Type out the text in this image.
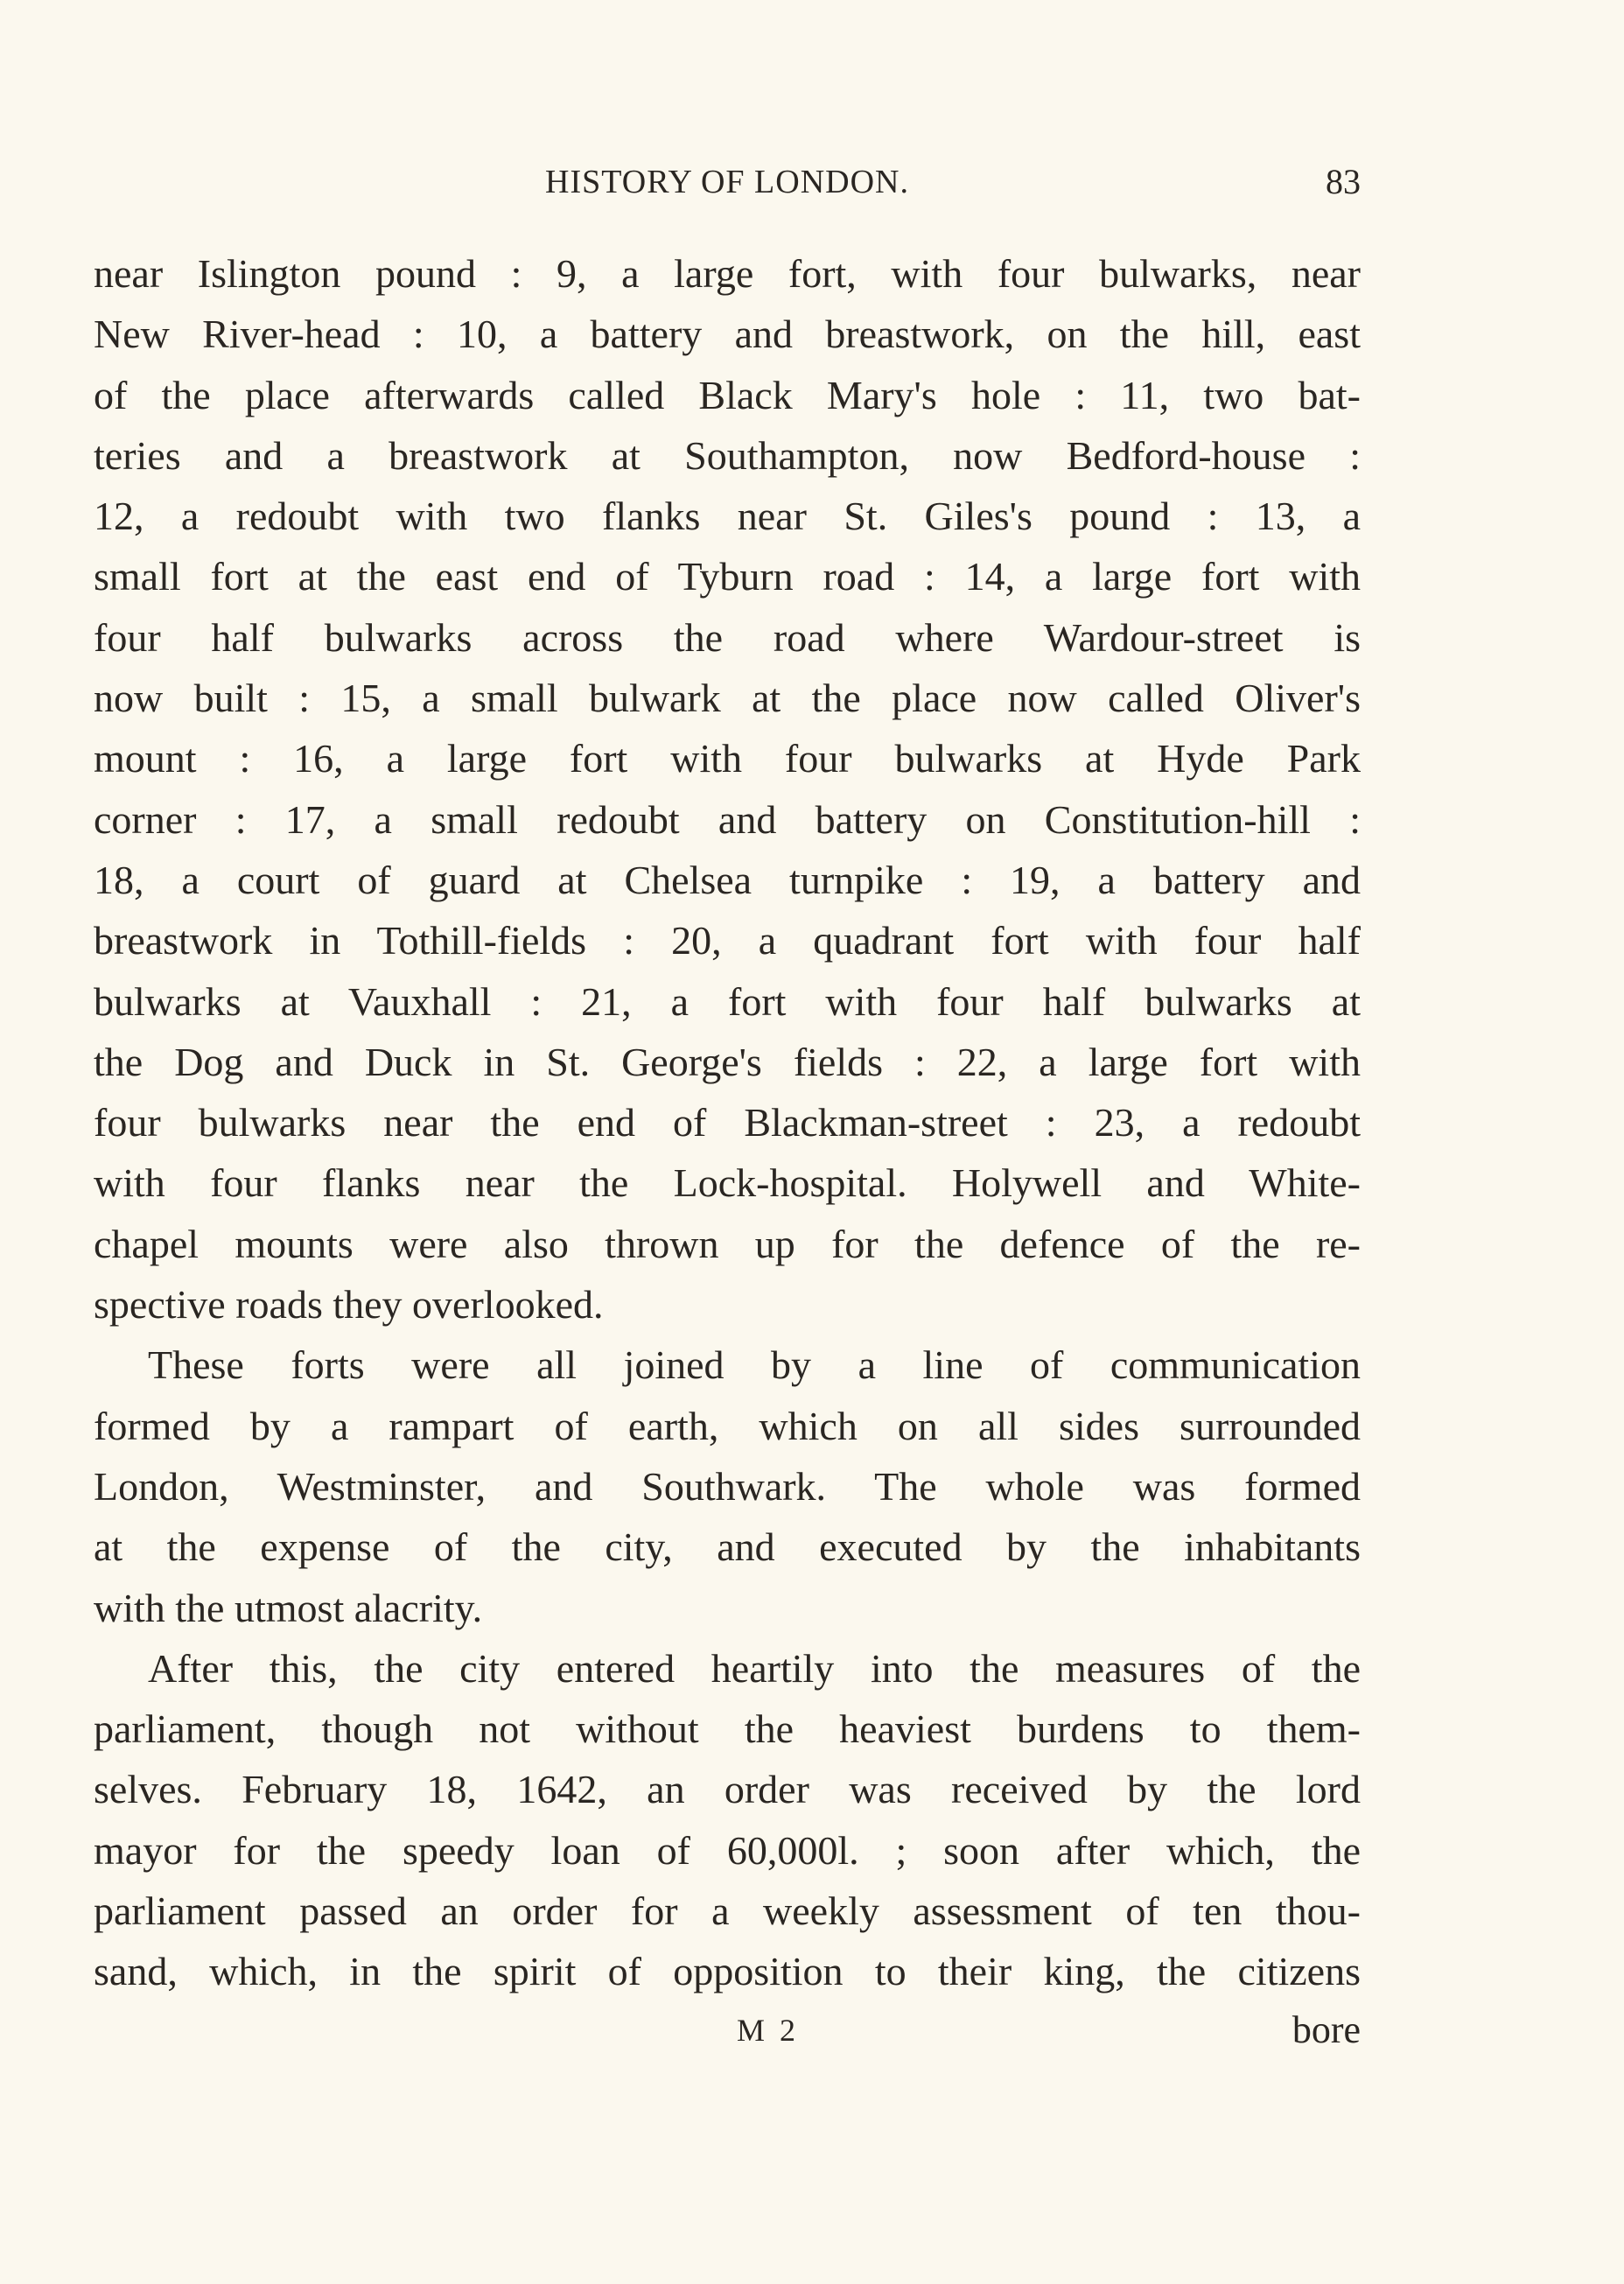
HISTORY OF LONDON.	83
near Islington pound : 9, a large fort, with four bulwarks, near
New River-head : 10, a battery and breastwork, on the hill, east
of the place afterwards called Black Mary's hole : 11, two bat-
teries and a breastwork at Southampton, now Bedford-house :
12, a redoubt with two flanks near St. Giles's pound : 13, a
small fort at the east end of Tyburn road : 14, a large fort with
four half bulwarks across the road where Wardour-street is
now built : 15, a small bulwark at the place now called Oliver's
mount : 16, a large fort with four bulwarks at Hyde Park
corner : 17, a small redoubt and battery on Constitution-hill :
18, a court of guard at Chelsea turnpike : 19, a battery and
breastwork in Tothill-fields : 20, a quadrant fort with four half
bulwarks at Vauxhall : 21, a fort with four half bulwarks at
the Dog and Duck in St. George's fields : 22, a large fort with
four bulwarks near the end of Blackman-street : 23, a redoubt
with four flanks near the Lock-hospital. Holywell and White-
chapel mounts were also thrown up for the defence of the re-
spective roads they overlooked.
These forts were all joined by a line of communication
formed by a rampart of earth, which on all sides surrounded
London, Westminster, and Southwark. The whole was formed
at the expense of the city, and executed by the inhabitants
with the utmost alacrity.
After this, the city entered heartily into the measures of the
parliament, though not without the heaviest burdens to them-
selves. February 18, 1642, an order was received by the lord
mayor for the speedy loan of 60,000l. ; soon after which, the
parliament passed an order for a weekly assessment of ten thou-
sand, which, in the spirit of opposition to their king, the citizens
M 2	bore
